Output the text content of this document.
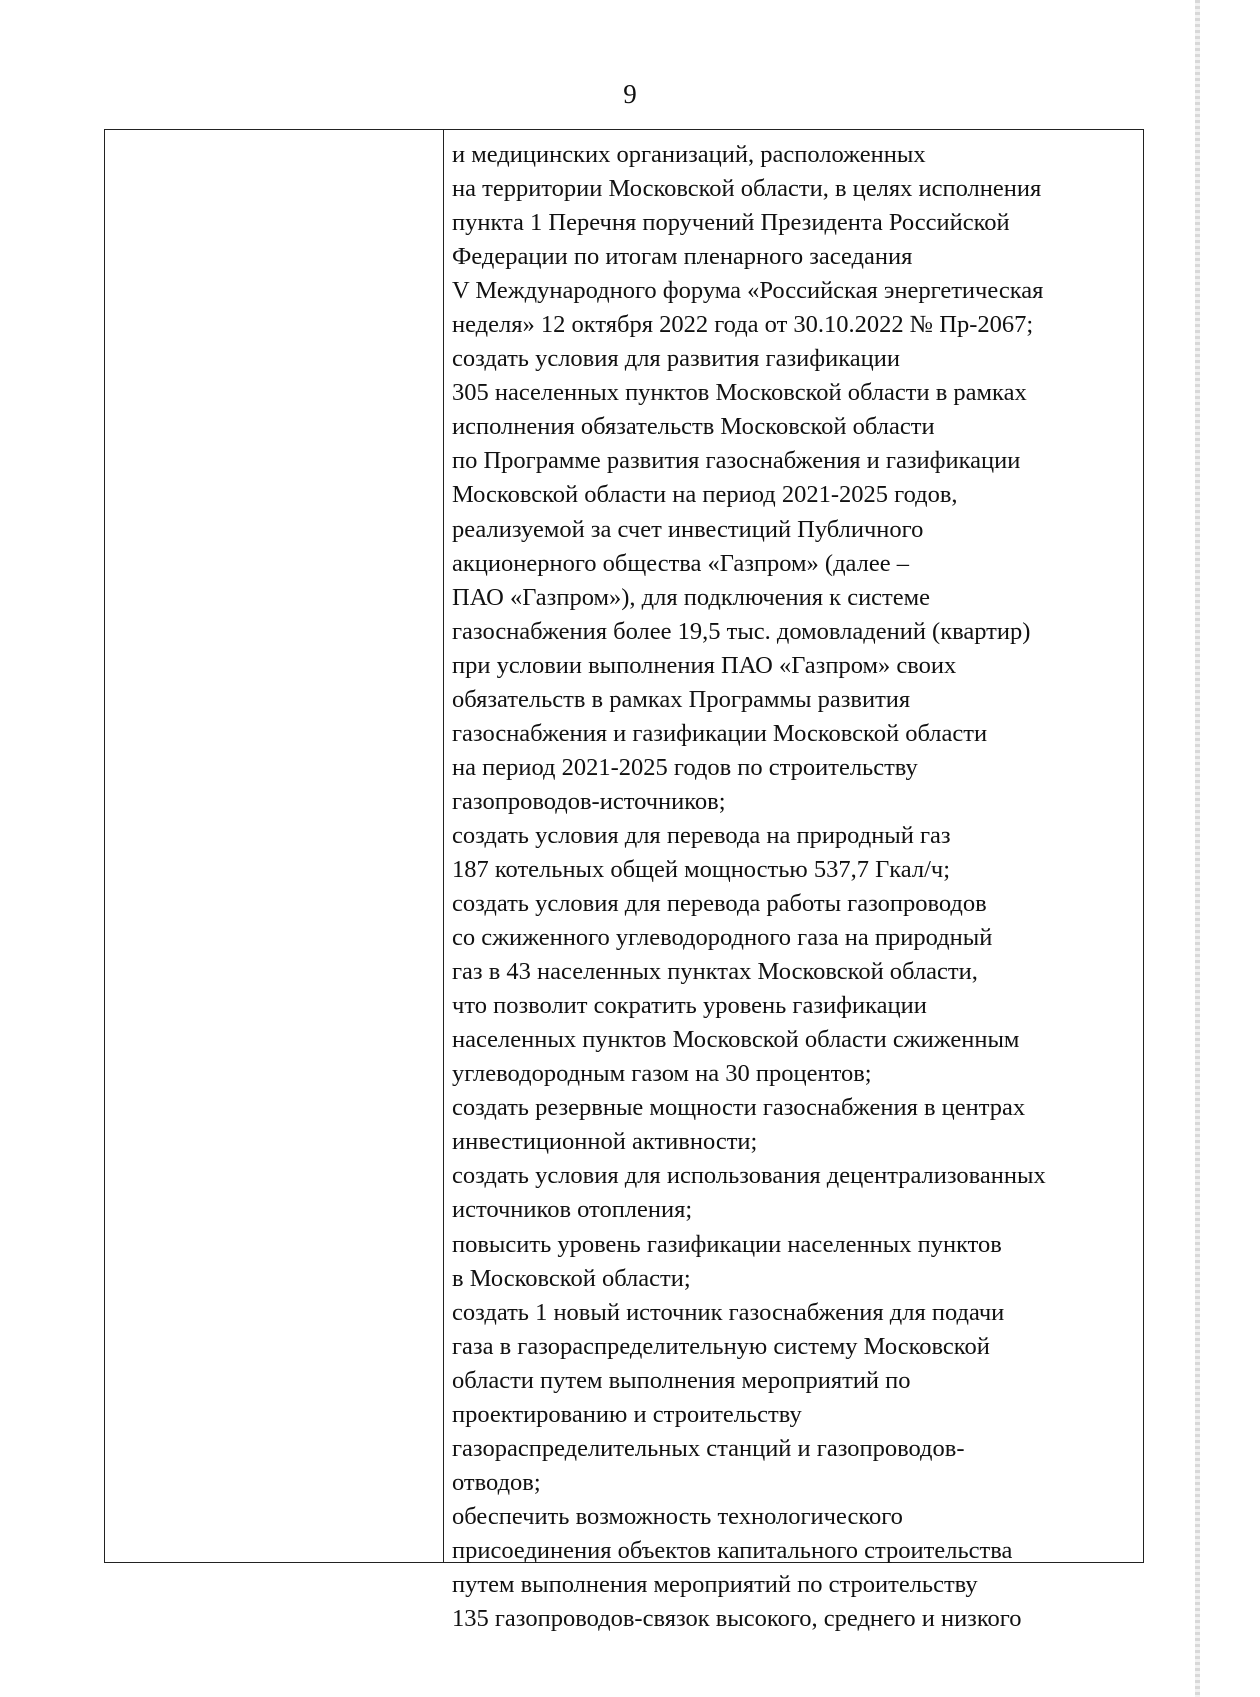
9
и медицинских организаций, расположенных
на территории Московской области, в целях исполнения
пункта 1 Перечня поручений Президента Российской
Федерации по итогам пленарного заседания
V Международного форума «Российская энергетическая
неделя» 12 октября 2022 года от 30.10.2022 № Пр-2067;
создать условия для развития газификации
305 населенных пунктов Московской области в рамках
исполнения обязательств Московской области
по Программе развития газоснабжения и газификации
Московской области на период 2021-2025 годов,
реализуемой за счет инвестиций Публичного
акционерного общества «Газпром» (далее –
ПАО «Газпром»), для подключения к системе
газоснабжения более 19,5 тыс. домовладений (квартир)
при условии выполнения ПАО «Газпром» своих
обязательств в рамках Программы развития
газоснабжения и газификации Московской области
на период 2021-2025 годов по строительству
газопроводов-источников;
создать условия для перевода на природный газ
187 котельных общей мощностью 537,7 Гкал/ч;
создать условия для перевода работы газопроводов
со сжиженного углеводородного газа на природный
газ в 43 населенных пунктах Московской области,
что позволит сократить уровень газификации
населенных пунктов Московской области сжиженным
углеводородным газом на 30 процентов;
создать резервные мощности газоснабжения в центрах
инвестиционной активности;
создать условия для использования децентрализованных
источников отопления;
повысить уровень газификации населенных пунктов
в Московской области;
создать 1 новый источник газоснабжения для подачи
газа в газораспределительную систему Московской
области путем выполнения мероприятий по
проектированию и строительству
газораспределительных станций и газопроводов-
отводов;
обеспечить возможность технологического
присоединения объектов капитального строительства
путем выполнения мероприятий по строительству
135 газопроводов-связок высокого, среднего и низкого
